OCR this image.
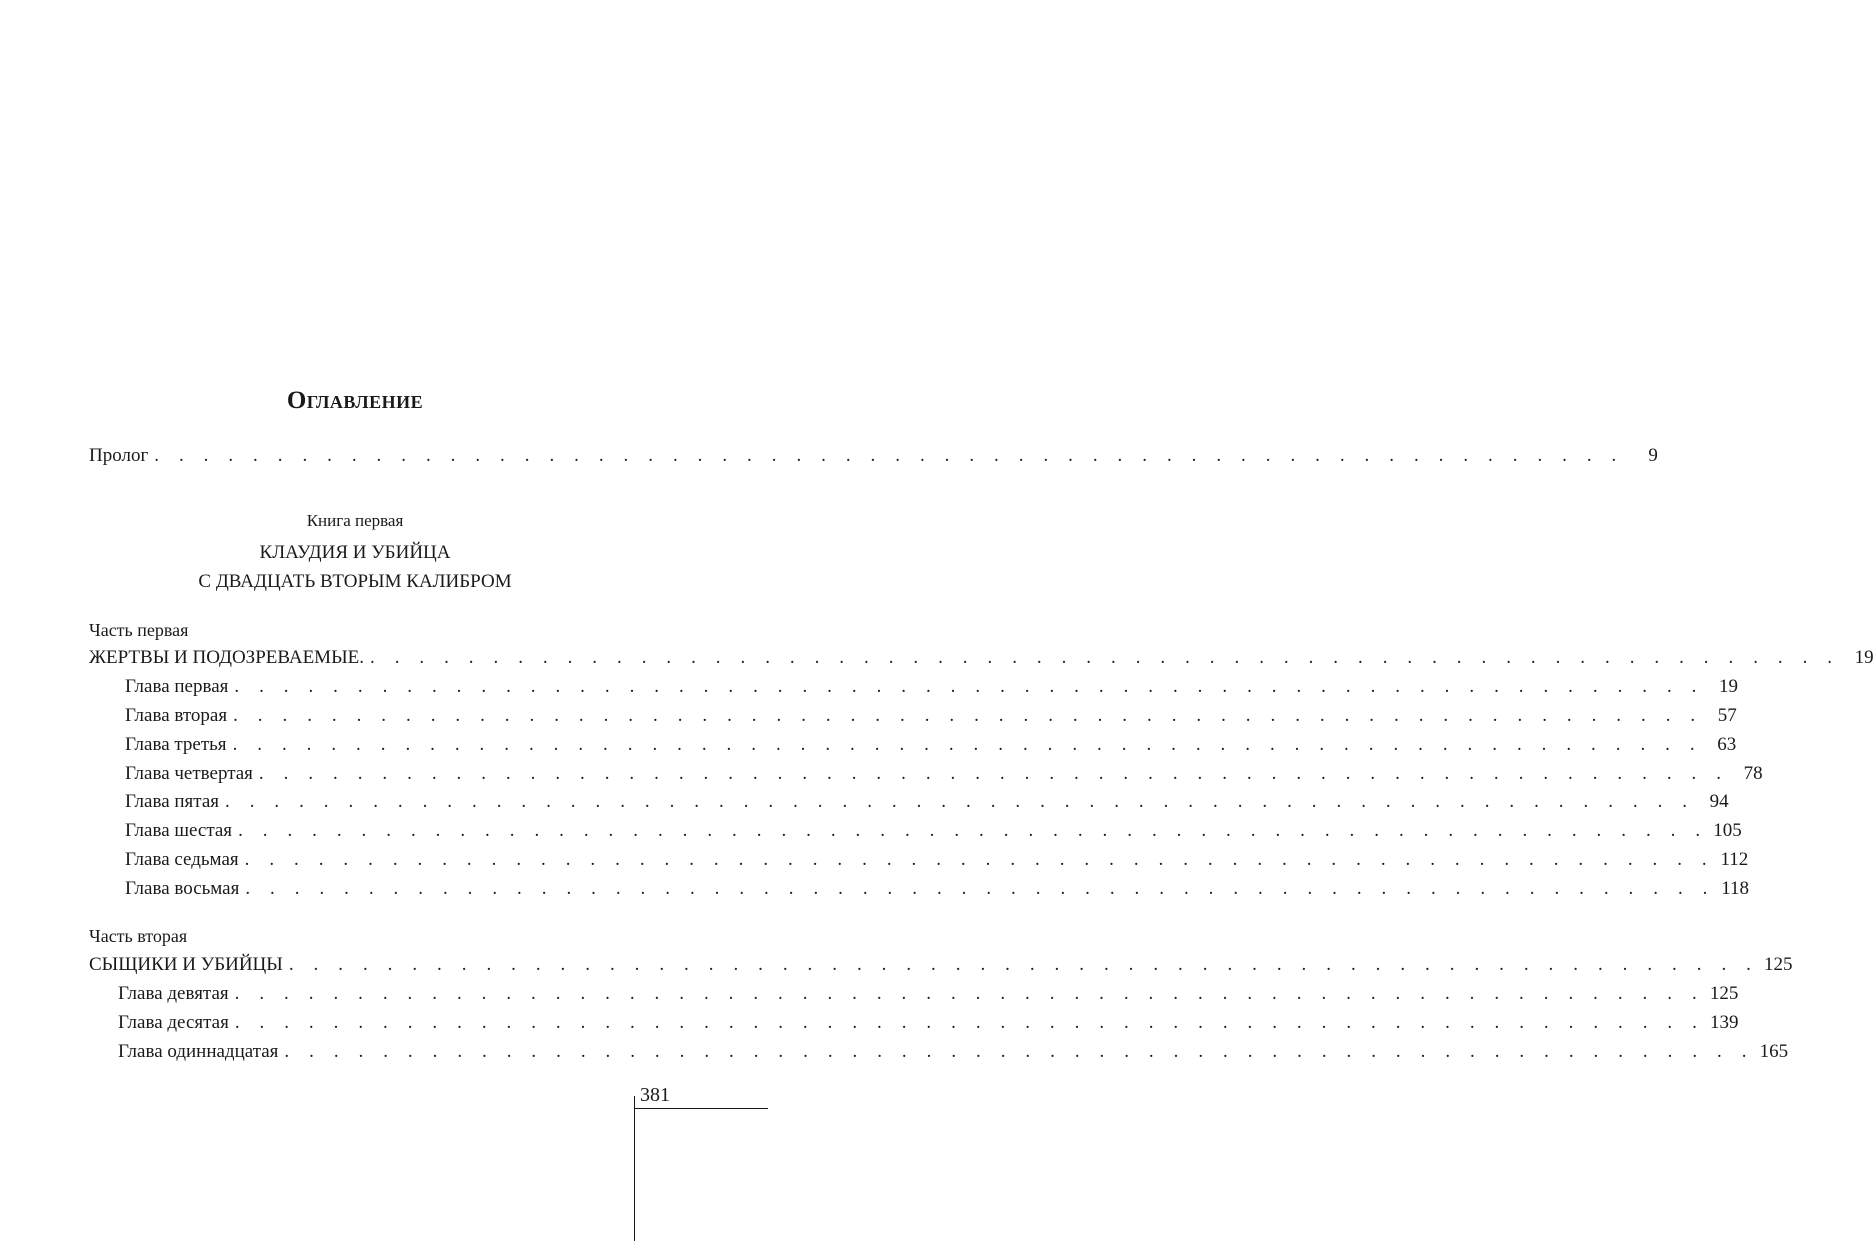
Оглавление
Пролог . . . . . . . . . . . . . . . . . . . . . . . . . . . . . . . . . . . . . . . . . . . . . . . . . . . . . . . . . . . .	9
Книга первая
КЛАУДИЯ И УБИЙЦА
С ДВАДЦАТЬ ВТОРЫМ КАЛИБРОМ
Часть первая
ЖЕРТВЫ И ПОДОЗРЕВАЕМЫЕ. . . . . . . . . . . . . . . . . . . . . . . . . . . . . . . . . . . . . . . . . . . . . . . . . . . . . . . . . . . . . 19
Глава первая . . . . . . . . . . . . . . . . . . . . . . . . . . . . . . . . . . . . . . . . . . . . . . . . . . . . . . . . . . . . 19
Глава вторая . . . . . . . . . . . . . . . . . . . . . . . . . . . . . . . . . . . . . . . . . . . . . . . . . . . . . . . . . . . . 57
Глава третья . . . . . . . . . . . . . . . . . . . . . . . . . . . . . . . . . . . . . . . . . . . . . . . . . . . . . . . . . . . . 63
Глава четвертая . . . . . . . . . . . . . . . . . . . . . . . . . . . . . . . . . . . . . . . . . . . . . . . . . . . . . . . . . . . . 78
Глава пятая . . . . . . . . . . . . . . . . . . . . . . . . . . . . . . . . . . . . . . . . . . . . . . . . . . . . . . . . . . . . 94
Глава шестая . . . . . . . . . . . . . . . . . . . . . . . . . . . . . . . . . . . . . . . . . . . . . . . . . . . . . . . . . . . . 105
Глава седьмая . . . . . . . . . . . . . . . . . . . . . . . . . . . . . . . . . . . . . . . . . . . . . . . . . . . . . . . . . . . . 112
Глава восьмая . . . . . . . . . . . . . . . . . . . . . . . . . . . . . . . . . . . . . . . . . . . . . . . . . . . . . . . . . . . . 118
Часть вторая
СЫЩИКИ И УБИЙЦЫ . . . . . . . . . . . . . . . . . . . . . . . . . . . . . . . . . . . . . . . . . . . . . . . . . . . . . . . . . . . . 125
Глава девятая . . . . . . . . . . . . . . . . . . . . . . . . . . . . . . . . . . . . . . . . . . . . . . . . . . . . . . . . . . . . 125
Глава десятая . . . . . . . . . . . . . . . . . . . . . . . . . . . . . . . . . . . . . . . . . . . . . . . . . . . . . . . . . . . . 139
Глава одиннадцатая . . . . . . . . . . . . . . . . . . . . . . . . . . . . . . . . . . . . . . . . . . . . . . . . . . . . . . . . . . . . 165
381
